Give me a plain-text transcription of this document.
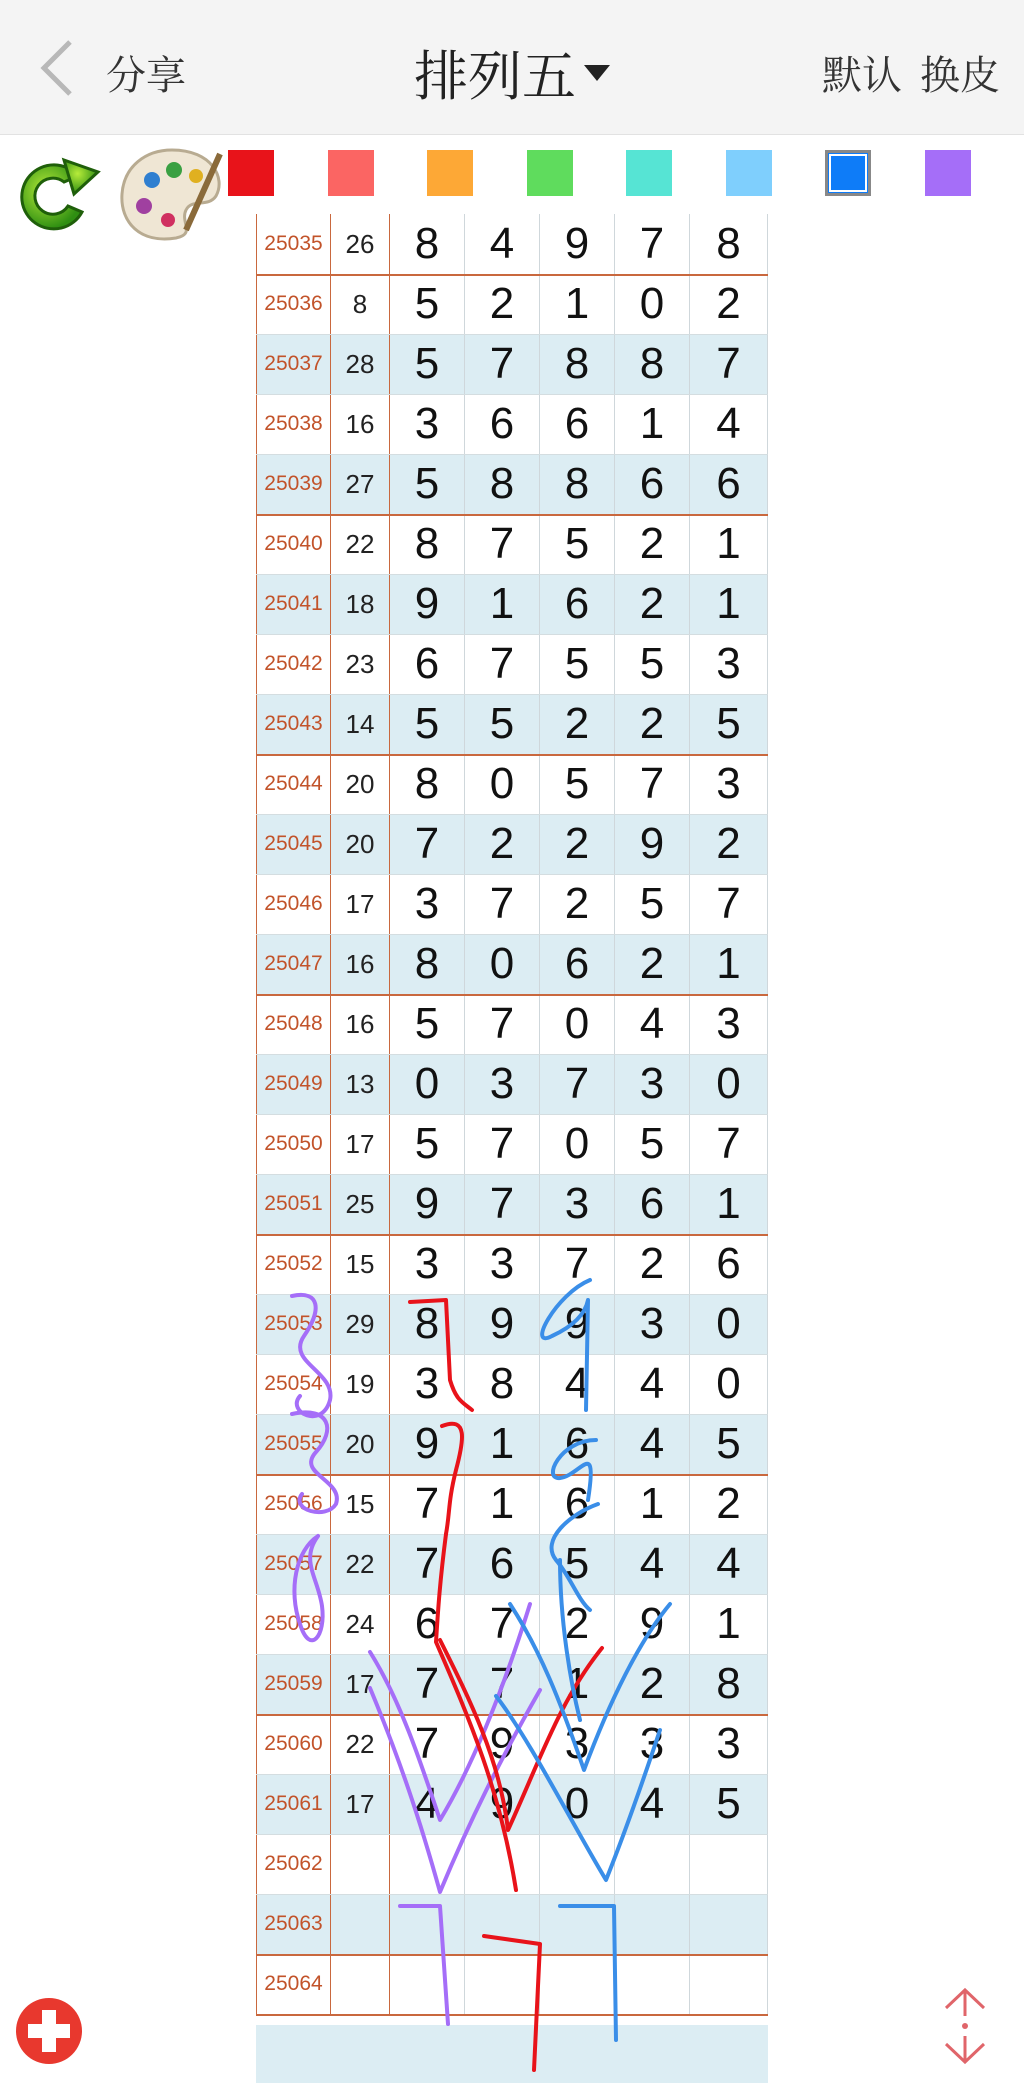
分享	排列五	默认 换皮
25035 26 8	4	9	7	8
25036	8	5	2	1	0	2
25037 28 5	7	8	8	7
25038 16 3	6	6	1	4
25039 27 5	8	8	6	6
25040 22 8	7	5	2	1
25041 18 9	1	6	2	1
25042 23 6	7	5	5	3
25043 14 5	5	2	2	5
25044 20 8	0	5	7	3
25045 20 7	2	2	9	2
25046 17 3	7	2	5	7
25047 16 8	0	6	2	1
25048 16 5	7	0	4	3
25049 13 0	3	7	3	0
25050 17 5	7	0	5	7
25051 25 9	7	3	6	1
25052 15 3	3	7	2	6
25053 29 8	9	9	3	0
25054 19 3	8	4	4	0
25055 20 9	1	6	4	5
25056 15 7	1	6	1	2
25057 22 7	6	5	4	4
25058 24 6	7	2	9	1
25059 17 7	7	1	2	8
25060 22 7	9	3	3	3
25061 17 4	9	0	4	5
25062
25063
25064
